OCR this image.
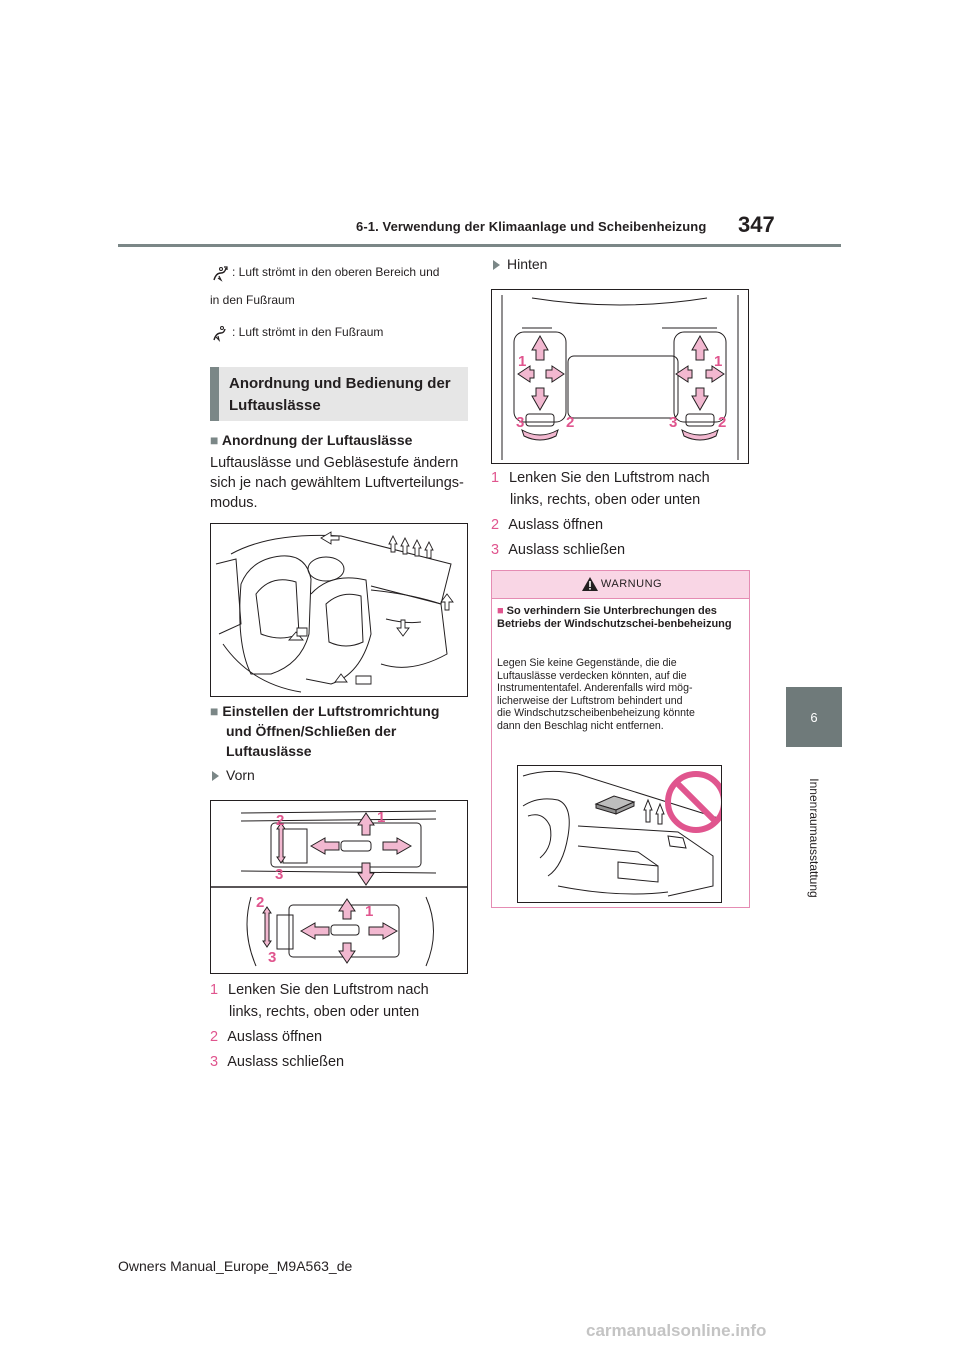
6-1. Verwendung der Klimaanlage und Scheibenheizung 347
6
Innenraumausstattung
: Luft strömt in den oberen Bereich und
in den Fußraum
: Luft strömt in den Fußraum
Anordnung und Bedienung der
Luftauslässe
■ Anordnung der Luftauslässe
Luftauslässe und Gebläsestufe ändern
sich je nach gewähltem Luftverteilungs-
modus.
■ Einstellen der Luftstromrichtung
und Öffnen/Schließen der
Luftauslässe
Vorn
2	1
3
2
1
3
1 Lenken Sie den Luftstrom nach
links, rechts, oben oder unten
2 Auslass öffnen
3 Auslass schließen
Hinten
1	1
3	2	3	2
1 Lenken Sie den Luftstrom nach
links, rechts, oben oder unten
2 Auslass öffnen
3 Auslass schließen
WARNUNG
■ So verhindern Sie Unterbrechungen des Betriebs der Windschutzschei-benbeheizung
Legen Sie keine Gegenstände, die die
Luftauslässe verdecken könnten, auf die
Instrumententafel. Anderenfalls wird mög-
licherweise der Luftstrom behindert und
die Windschutzscheibenbeheizung könnte
dann den Beschlag nicht entfernen.
Owners Manual_Europe_M9A563_de
carmanualsonline.info
